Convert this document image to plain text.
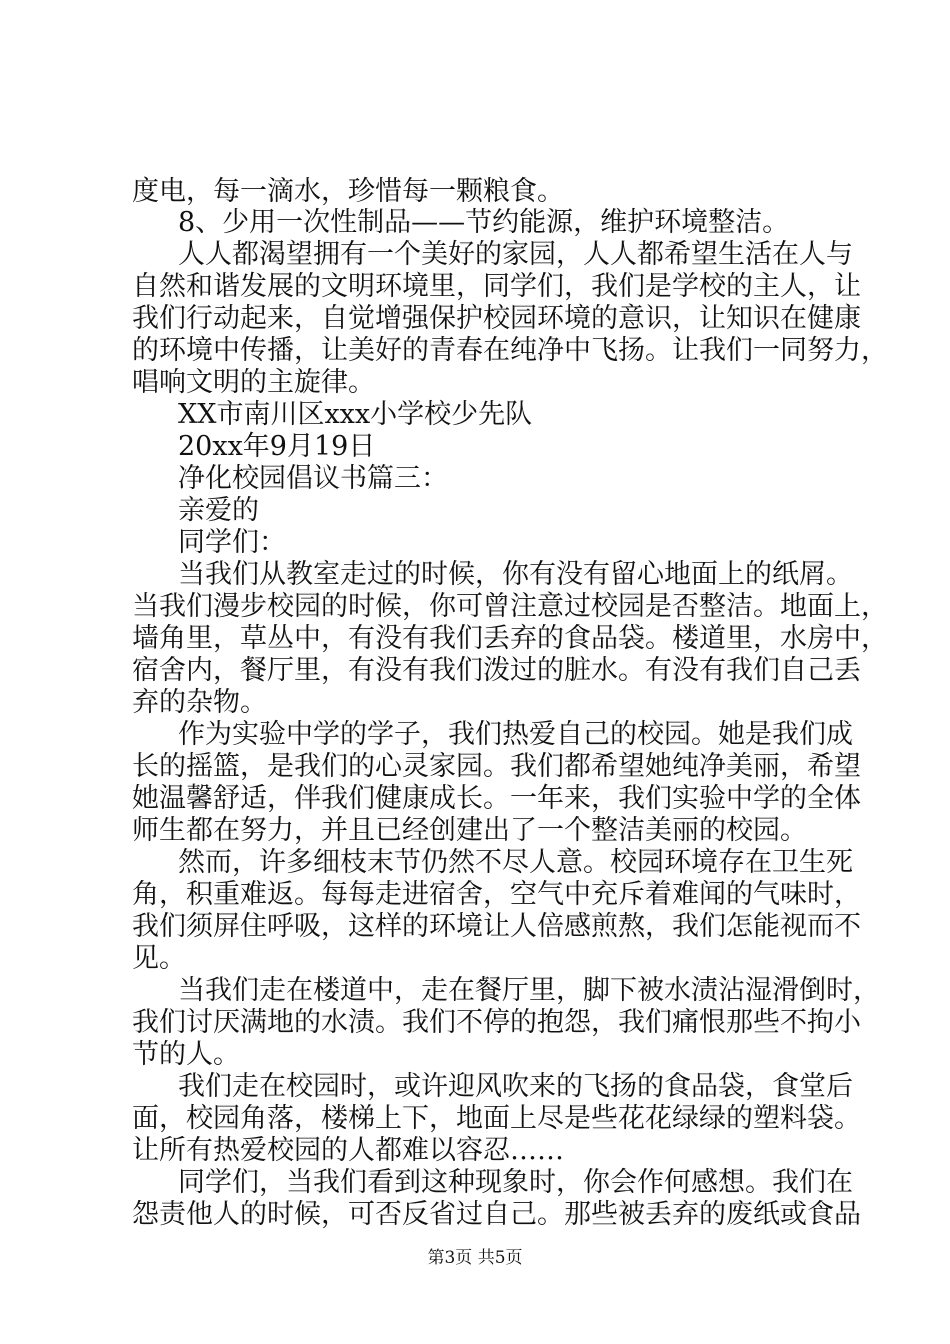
度电，每一滴水，珍惜每一颗粮食。
8、少用一次性制品——节约能源，维护环境整洁。
人人都渴望拥有一个美好的家园，人人都希望生活在人与
自然和谐发展的文明环境里，同学们，我们是学校的主人，让
我们行动起来，自觉增强保护校园环境的意识，让知识在健康
的环境中传播，让美好的青春在纯净中飞扬。让我们一同努力，
唱响文明的主旋律。
XX市南川区xxx小学校少先队
20xx年9月19日
净化校园倡议书篇三：
亲爱的
同学们：
当我们从教室走过的时候，你有没有留心地面上的纸屑。
当我们漫步校园的时候，你可曾注意过校园是否整洁。地面上，
墙角里，草丛中，有没有我们丢弃的食品袋。楼道里，水房中，
宿舍内，餐厅里，有没有我们泼过的脏水。有没有我们自己丢
弃的杂物。
作为实验中学的学子，我们热爱自己的校园。她是我们成
长的摇篮，是我们的心灵家园。我们都希望她纯净美丽，希望
她温馨舒适，伴我们健康成长。一年来，我们实验中学的全体
师生都在努力，并且已经创建出了一个整洁美丽的校园。
然而，许多细枝末节仍然不尽人意。校园环境存在卫生死
角，积重难返。每每走进宿舍，空气中充斥着难闻的气味时，
我们须屏住呼吸，这样的环境让人倍感煎熬，我们怎能视而不
见。
当我们走在楼道中，走在餐厅里，脚下被水渍沾湿滑倒时，
我们讨厌满地的水渍。我们不停的抱怨，我们痛恨那些不拘小
节的人。
我们走在校园时，或许迎风吹来的飞扬的食品袋，食堂后
面，校园角落，楼梯上下，地面上尽是些花花绿绿的塑料袋。
让所有热爱校园的人都难以容忍……
同学们，当我们看到这种现象时，你会作何感想。我们在
怨责他人的时候，可否反省过自己。那些被丢弃的废纸或食品
第3页 共5页
